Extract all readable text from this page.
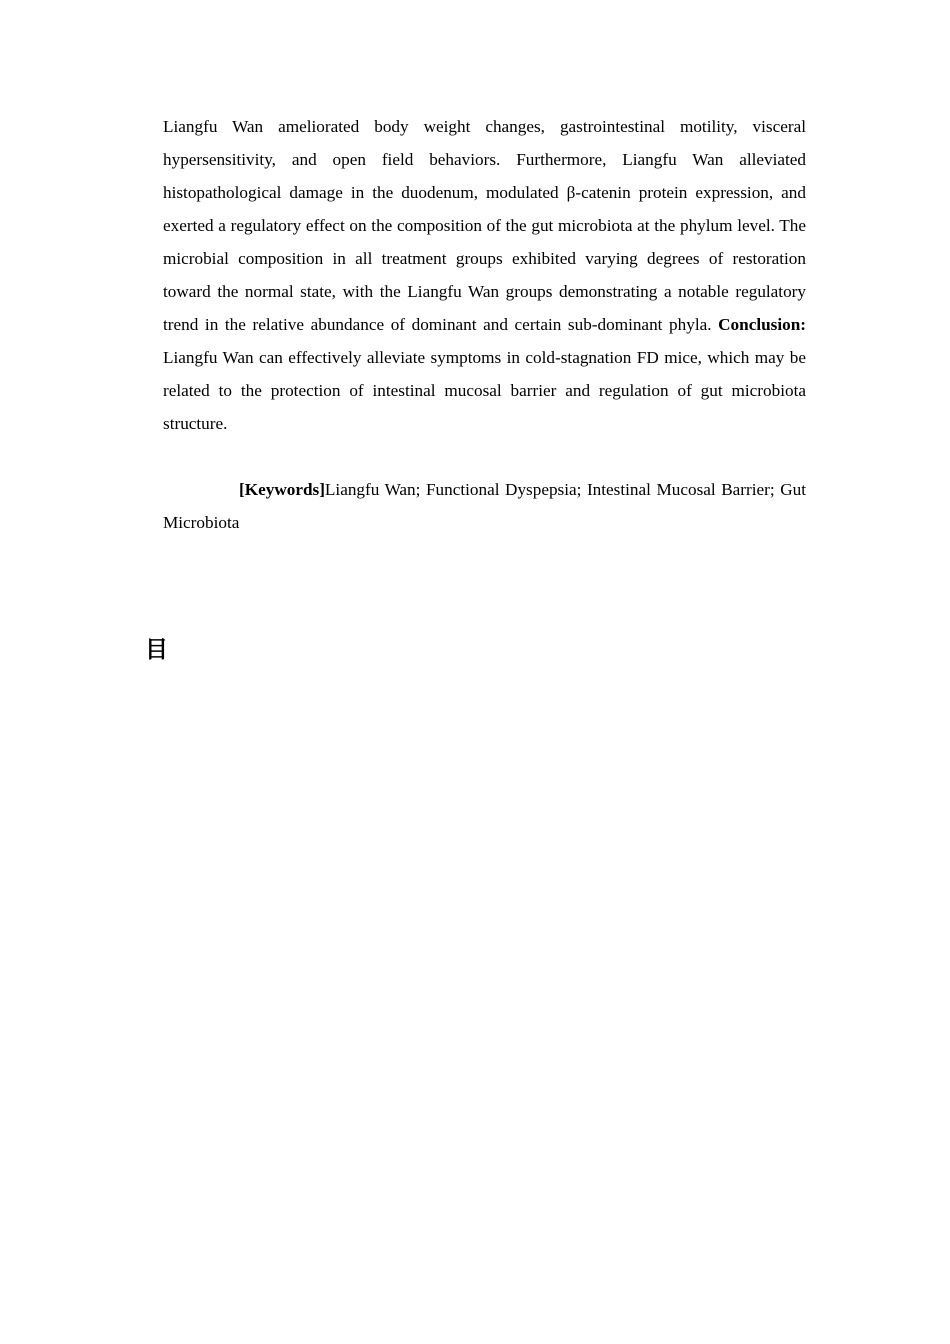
Liangfu Wan ameliorated body weight changes, gastrointestinal motility, visceral hypersensitivity, and open field behaviors. Furthermore, Liangfu Wan alleviated histopathological damage in the duodenum, modulated β-catenin protein expression, and exerted a regulatory effect on the composition of the gut microbiota at the phylum level. The microbial composition in all treatment groups exhibited varying degrees of restoration toward the normal state, with the Liangfu Wan groups demonstrating a notable regulatory trend in the relative abundance of dominant and certain sub-dominant phyla. Conclusion: Liangfu Wan can effectively alleviate symptoms in cold-stagnation FD mice, which may be related to the protection of intestinal mucosal barrier and regulation of gut microbiota structure.

[Keywords]Liangfu Wan; Functional Dyspepsia; Intestinal Mucosal Barrier; Gut Microbiota

目
